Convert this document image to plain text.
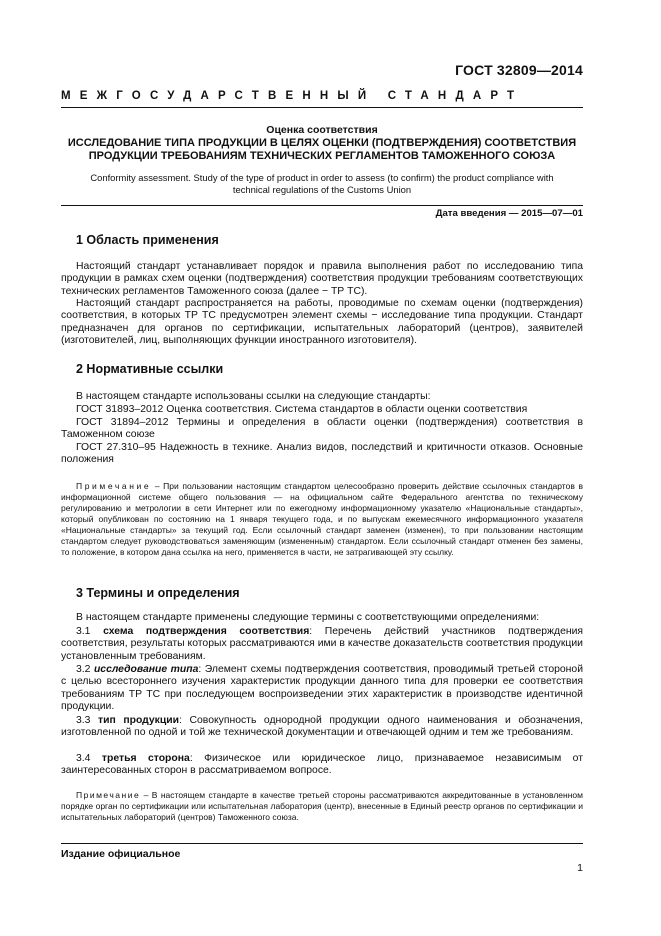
ГОСТ 32809—2014
МЕЖГОСУДАРСТВЕННЫЙ СТАНДАРТ
Оценка соответствия
ИССЛЕДОВАНИЕ ТИПА ПРОДУКЦИИ В ЦЕЛЯХ ОЦЕНКИ (ПОДТВЕРЖДЕНИЯ) СООТВЕТСТВИЯ
ПРОДУКЦИИ ТРЕБОВАНИЯМ ТЕХНИЧЕСКИХ РЕГЛАМЕНТОВ ТАМОЖЕННОГО СОЮЗА
Conformity assessment. Study of the type of product in order to assess (to confirm) the product compliance with
technical regulations of the Customs Union
Дата введения — 2015—07—01
1 Область применения
Настоящий стандарт устанавливает порядок и правила выполнения работ по исследованию типа продукции в рамках схем оценки (подтверждения) соответствия продукции требованиям соответствующих технических регламентов Таможенного союза (далее − ТР ТС).
Настоящий стандарт распространяется на работы, проводимые по схемам оценки (подтверждения) соответствия, в которых ТР ТС предусмотрен элемент схемы − исследование типа продукции. Стандарт предназначен для органов по сертификации, испытательных лабораторий (центров), заявителей (изготовителей, лиц, выполняющих функции иностранного изготовителя).
2 Нормативные ссылки
В настоящем стандарте использованы ссылки на следующие стандарты:
ГОСТ 31893–2012 Оценка соответствия. Система стандартов в области оценки соответствия
ГОСТ 31894–2012 Термины и определения в области оценки (подтверждения) соответствия в Таможенном союзе
ГОСТ 27.310–95 Надежность в технике. Анализ видов, последствий и критичности отказов. Основные положения
Примечание – При пользовании настоящим стандартом целесообразно проверить действие ссылочных стандартов в информационной системе общего пользования — на официальном сайте Федерального агентства по техническому регулированию и метрологии в сети Интернет или по ежегодному информационному указателю «Национальные стандарты», который опубликован по состоянию на 1 января текущего года, и по выпускам ежемесячного информационного указателя «Национальные стандарты» за текущий год. Если ссылочный стандарт заменен (изменен), то при пользовании настоящим стандартом следует руководствоваться заменяющим (измененным) стандартом. Если ссылочный стандарт отменен без замены, то положение, в котором дана ссылка на него, применяется в части, не затрагивающей эту ссылку.
3 Термины и определения
В настоящем стандарте применены следующие термины с соответствующими определениями:
3.1 схема подтверждения соответствия: Перечень действий участников подтверждения соответствия, результаты которых рассматриваются ими в качестве доказательств соответствия продукции установленным требованиям.
3.2 исследование типа: Элемент схемы подтверждения соответствия, проводимый третьей стороной с целью всестороннего изучения характеристик продукции данного типа для проверки ее соответствия требованиям ТР ТС при последующем воспроизведении этих характеристик в производстве идентичной продукции.
3.3 тип продукции: Совокупность однородной продукции одного наименования и обозначения, изготовленной по одной и той же технической документации и отвечающей одним и тем же требованиям.
3.4 третья сторона: Физическое или юридическое лицо, признаваемое независимым от заинтересованных сторон в рассматриваемом вопросе.
Примечание – В настоящем стандарте в качестве третьей стороны рассматриваются аккредитованные в установленном порядке орган по сертификации или испытательная лаборатория (центр), внесенные в Единый реестр органов по сертификации и испытательных лабораторий (центров) Таможенного союза.
Издание официальное
1
